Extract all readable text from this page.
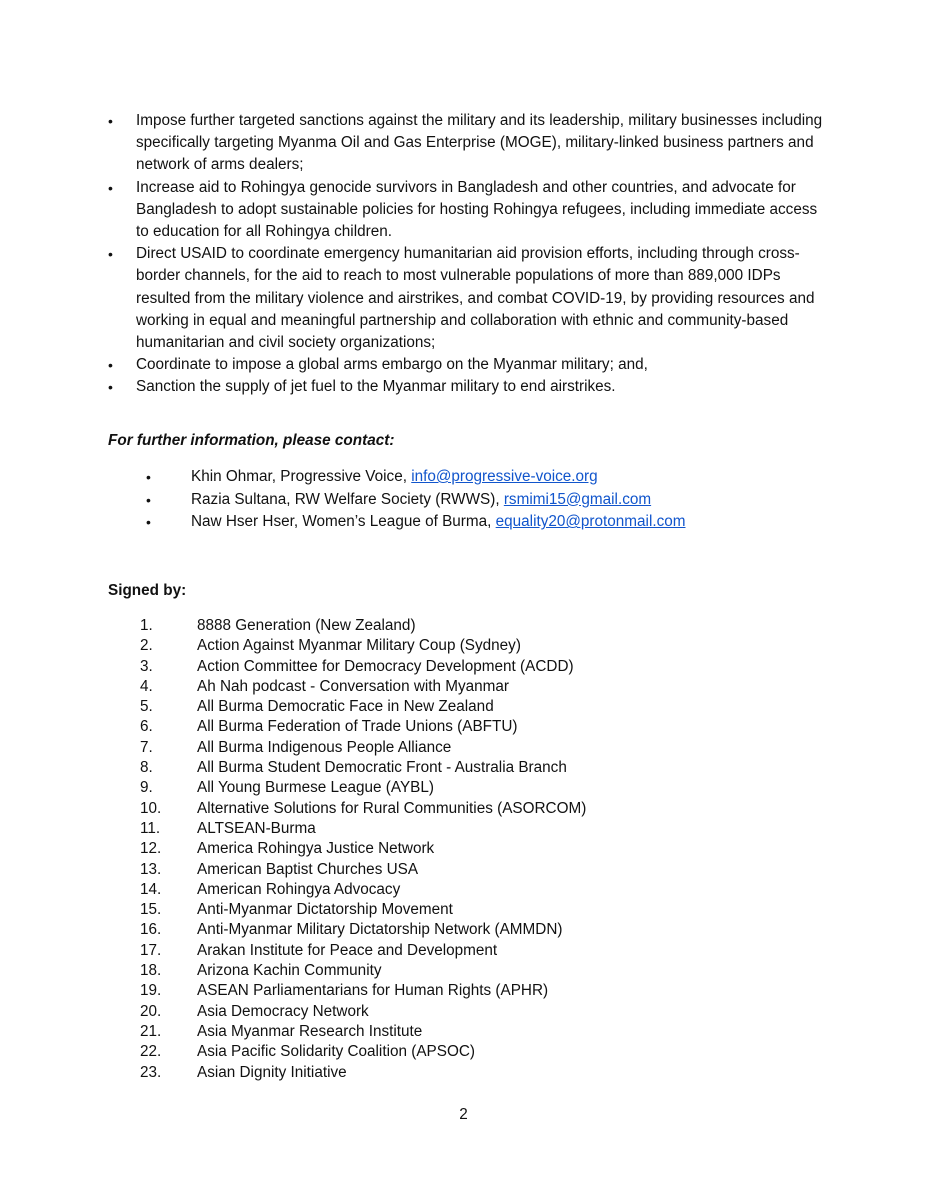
• Impose further targeted sanctions against the military and its leadership, military businesses including specifically targeting Myanma Oil and Gas Enterprise (MOGE), military-linked business partners and network of arms dealers;
• Increase aid to Rohingya genocide survivors in Bangladesh and other countries, and advocate for Bangladesh to adopt sustainable policies for hosting Rohingya refugees, including immediate access to education for all Rohingya children.
• Direct USAID to coordinate emergency humanitarian aid provision efforts, including through cross-border channels, for the aid to reach to most vulnerable populations of more than 889,000 IDPs resulted from the military violence and airstrikes, and combat COVID-19, by providing resources and working in equal and meaningful partnership and collaboration with ethnic and community-based humanitarian and civil society organizations;
• Coordinate to impose a global arms embargo on the Myanmar military; and,
• Sanction the supply of jet fuel to the Myanmar military to end airstrikes.
For further information, please contact:
•	Khin Ohmar, Progressive Voice, info@progressive-voice.org
•	Razia Sultana, RW Welfare Society (RWWS), rsmimi15@gmail.com
•	Naw Hser Hser, Women’s League of Burma, equality20@protonmail.com
Signed by:
1.	8888 Generation (New Zealand)
2.	Action Against Myanmar Military Coup (Sydney)
3.	Action Committee for Democracy Development (ACDD)
4.	Ah Nah podcast - Conversation with Myanmar
5.	All Burma Democratic Face in New Zealand
6.	All Burma Federation of Trade Unions (ABFTU)
7.	All Burma Indigenous People Alliance
8.	All Burma Student Democratic Front - Australia Branch
9.	All Young Burmese League (AYBL)
10.	Alternative Solutions for Rural Communities (ASORCOM)
11.	ALTSEAN-Burma
12.	America Rohingya Justice Network
13.	American Baptist Churches USA
14.	American Rohingya Advocacy
15.	Anti-Myanmar Dictatorship Movement
16.	Anti-Myanmar Military Dictatorship Network (AMMDN)
17.	Arakan Institute for Peace and Development
18.	Arizona Kachin Community
19.	ASEAN Parliamentarians for Human Rights (APHR)
20.	Asia Democracy Network
21.	Asia Myanmar Research Institute
22.	Asia Pacific Solidarity Coalition (APSOC)
23.	Asian Dignity Initiative
2
